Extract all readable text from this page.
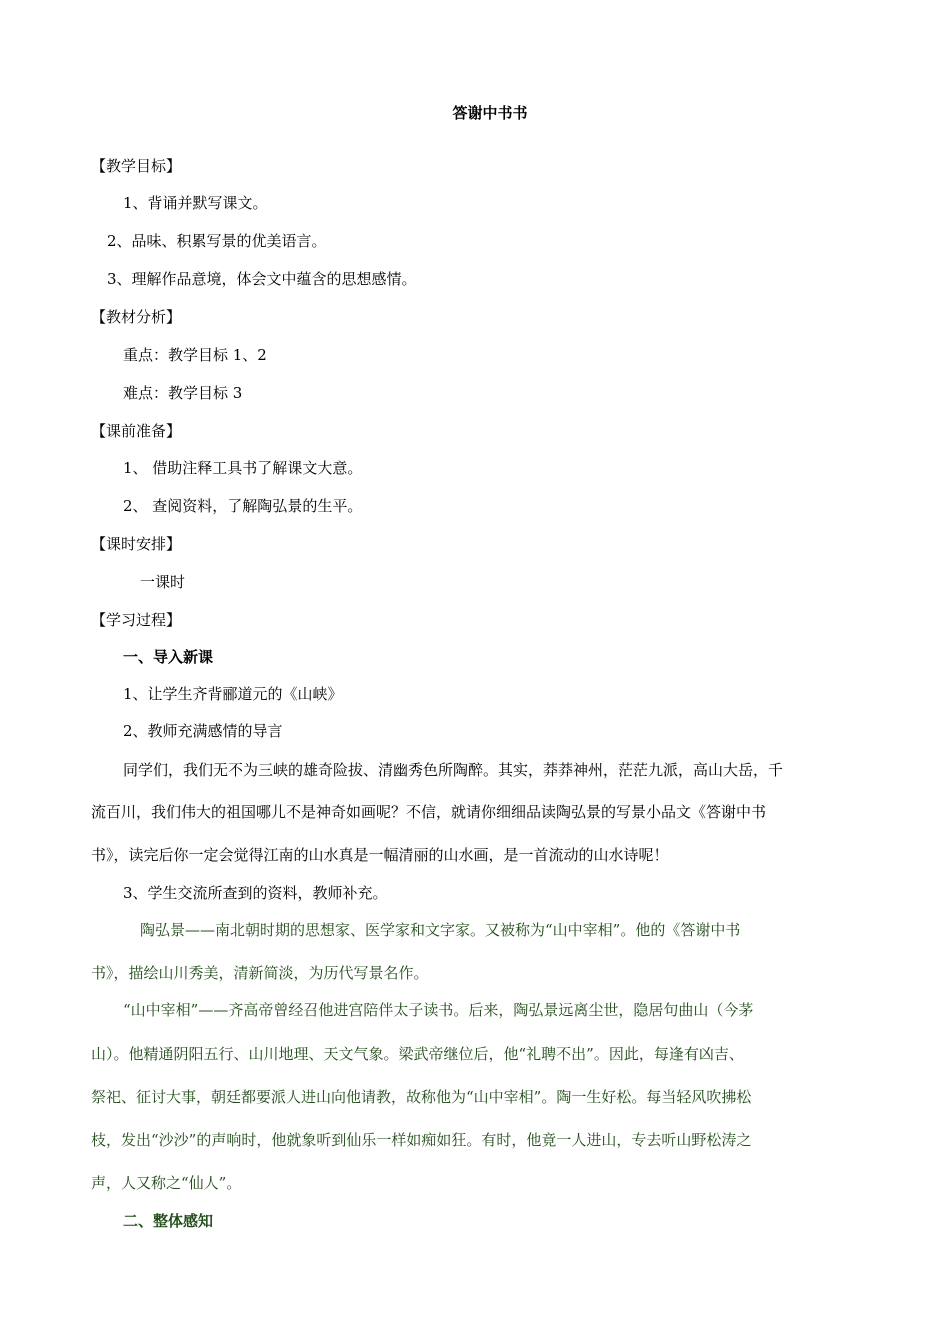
答谢中书书
【教学目标】
1、背诵并默写课文。
2、品味、积累写景的优美语言。
3、理解作品意境，体会文中蕴含的思想感情。
【教材分析】
重点：教学目标 1、2
难点：教学目标 3
【课前准备】
1、 借助注释工具书了解课文大意。
2、 查阅资料，了解陶弘景的生平。
【课时安排】
一课时
【学习过程】
一、导入新课
1、让学生齐背郦道元的《山峡》
2、教师充满感情的导言
同学们，我们无不为三峡的雄奇险拔、清幽秀色所陶醉。其实，莽莽神州，茫茫九派，高山大岳，千
流百川，我们伟大的祖国哪儿不是神奇如画呢？不信，就请你细细品读陶弘景的写景小品文《答谢中书
书》，读完后你一定会觉得江南的山水真是一幅清丽的山水画，是一首流动的山水诗呢！
3、学生交流所查到的资料，教师补充。
陶弘景——南北朝时期的思想家、医学家和文字家。又被称为“山中宰相”。他的《答谢中书
书》，描绘山川秀美，清新简淡，为历代写景名作。
“山中宰相”——齐高帝曾经召他进宫陪伴太子读书。后来，陶弘景远离尘世，隐居句曲山（今茅
山）。他精通阴阳五行、山川地理、天文气象。梁武帝继位后，他“礼聘不出”。因此，每逢有凶吉、
祭祀、征讨大事，朝廷都要派人进山向他请教，故称他为“山中宰相”。陶一生好松。每当轻风吹拂松
枝，发出“沙沙”的声响时，他就象听到仙乐一样如痴如狂。有时，他竟一人进山，专去听山野松涛之
声，人又称之“仙人”。
二、整体感知
